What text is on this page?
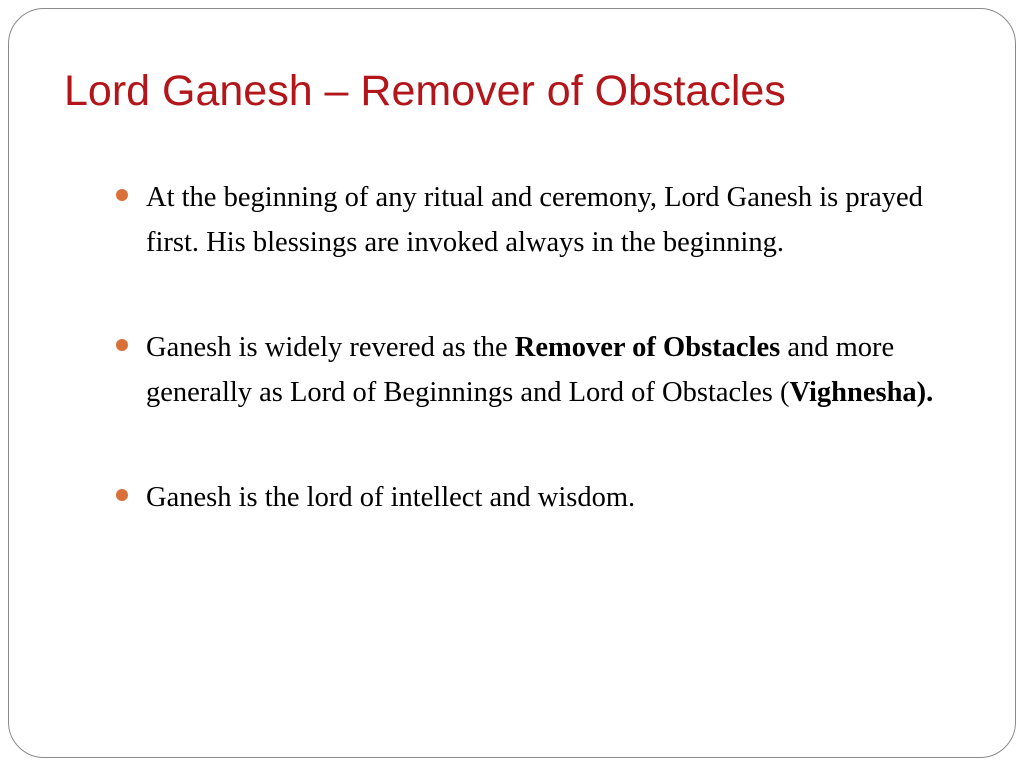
Lord Ganesh – Remover of Obstacles
At the beginning of any ritual and ceremony, Lord Ganesh is prayed first. His blessings are invoked always in the beginning.
Ganesh is widely revered as the Remover of Obstacles and more generally as Lord of Beginnings and Lord of Obstacles (Vighnesha).
Ganesh is the lord of intellect and wisdom.
